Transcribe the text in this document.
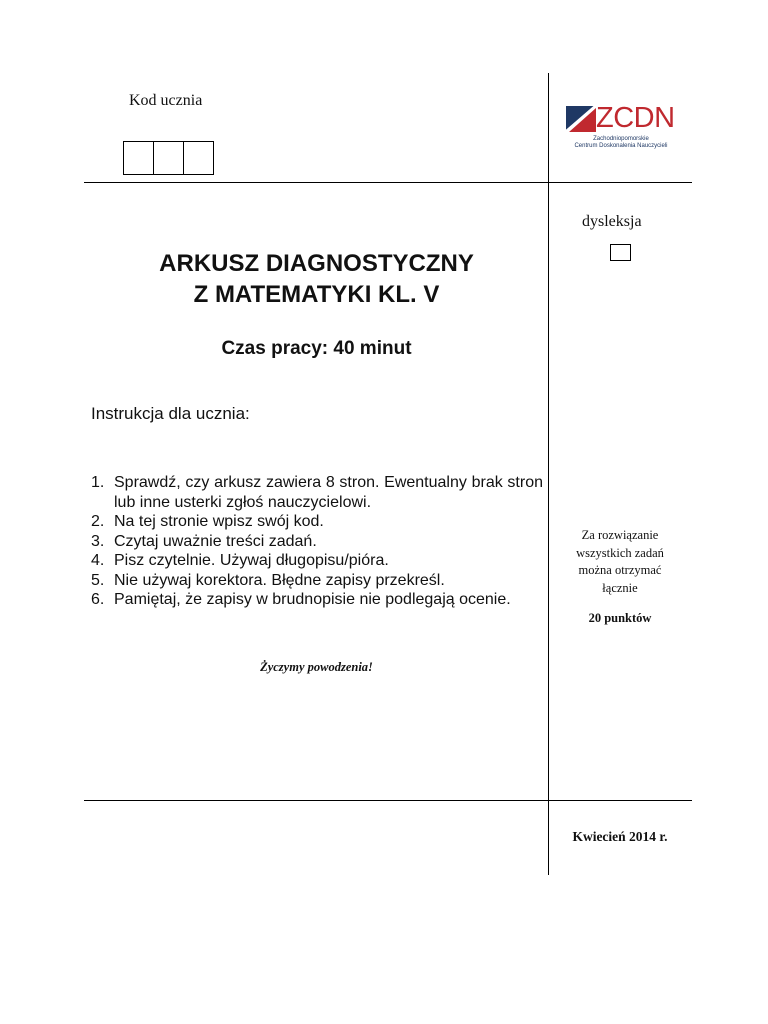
Kod ucznia
ZCDN
Zachodniopomorskie
Centrum Doskonalenia Nauczycieli
dysleksja
Za rozwiązanie
wszystkich zadań
można otrzymać
łącznie
20 punktów
Kwiecień 2014 r.
ARKUSZ DIAGNOSTYCZNY
Z MATEMATYKI KL. V
Czas pracy: 40 minut
Instrukcja dla ucznia:
1. Sprawdź, czy arkusz zawiera 8 stron. Ewentualny brak stron lub inne usterki zgłoś nauczycielowi.
2. Na tej stronie wpisz swój kod.
3. Czytaj uważnie treści zadań.
4. Pisz czytelnie. Używaj długopisu/pióra.
5. Nie używaj korektora. Błędne zapisy przekreśl.
6. Pamiętaj, że zapisy w brudnopisie nie podlegają ocenie.
Życzymy powodzenia!
